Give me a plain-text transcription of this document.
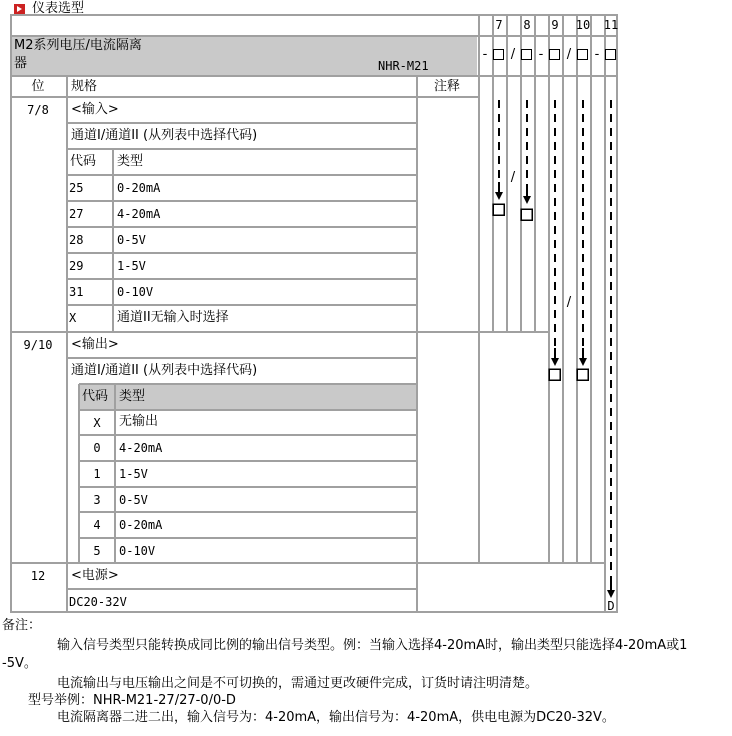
仪表选型
7 8 9 10 11
M2系列电压/电流隔离
器	NHR-M21
- / - / -
位 规格	注释
7/8 <输入>
通道I/通道II (从列表中选择代码)
代码 类型
25	0-20mA
27	4-20mA
28	0-5V
29	1-5V
31	0-10V
X	通道II无输入时选择
9/10 <输出>
通道I/通道II (从列表中选择代码)
代码 类型
X 无输出
0 4-20mA
1 1-5V
3 0-5V
4 0-20mA
5 0-10V
12 <电源>
DC20-32V
/
/
D
备注：
输入信号类型只能转换成同比例的输出信号类型。例：当输入选择4-20mA时，输出类型只能选择4-20mA或1
-5V。
电流输出与电压输出之间是不可切换的，需通过更改硬件完成，订货时请注明清楚。
型号举例：NHR-M21-27/27-0/0-D
电流隔离器二进二出，输入信号为：4-20mA，输出信号为：4-20mA，供电电源为DC20-32V。
